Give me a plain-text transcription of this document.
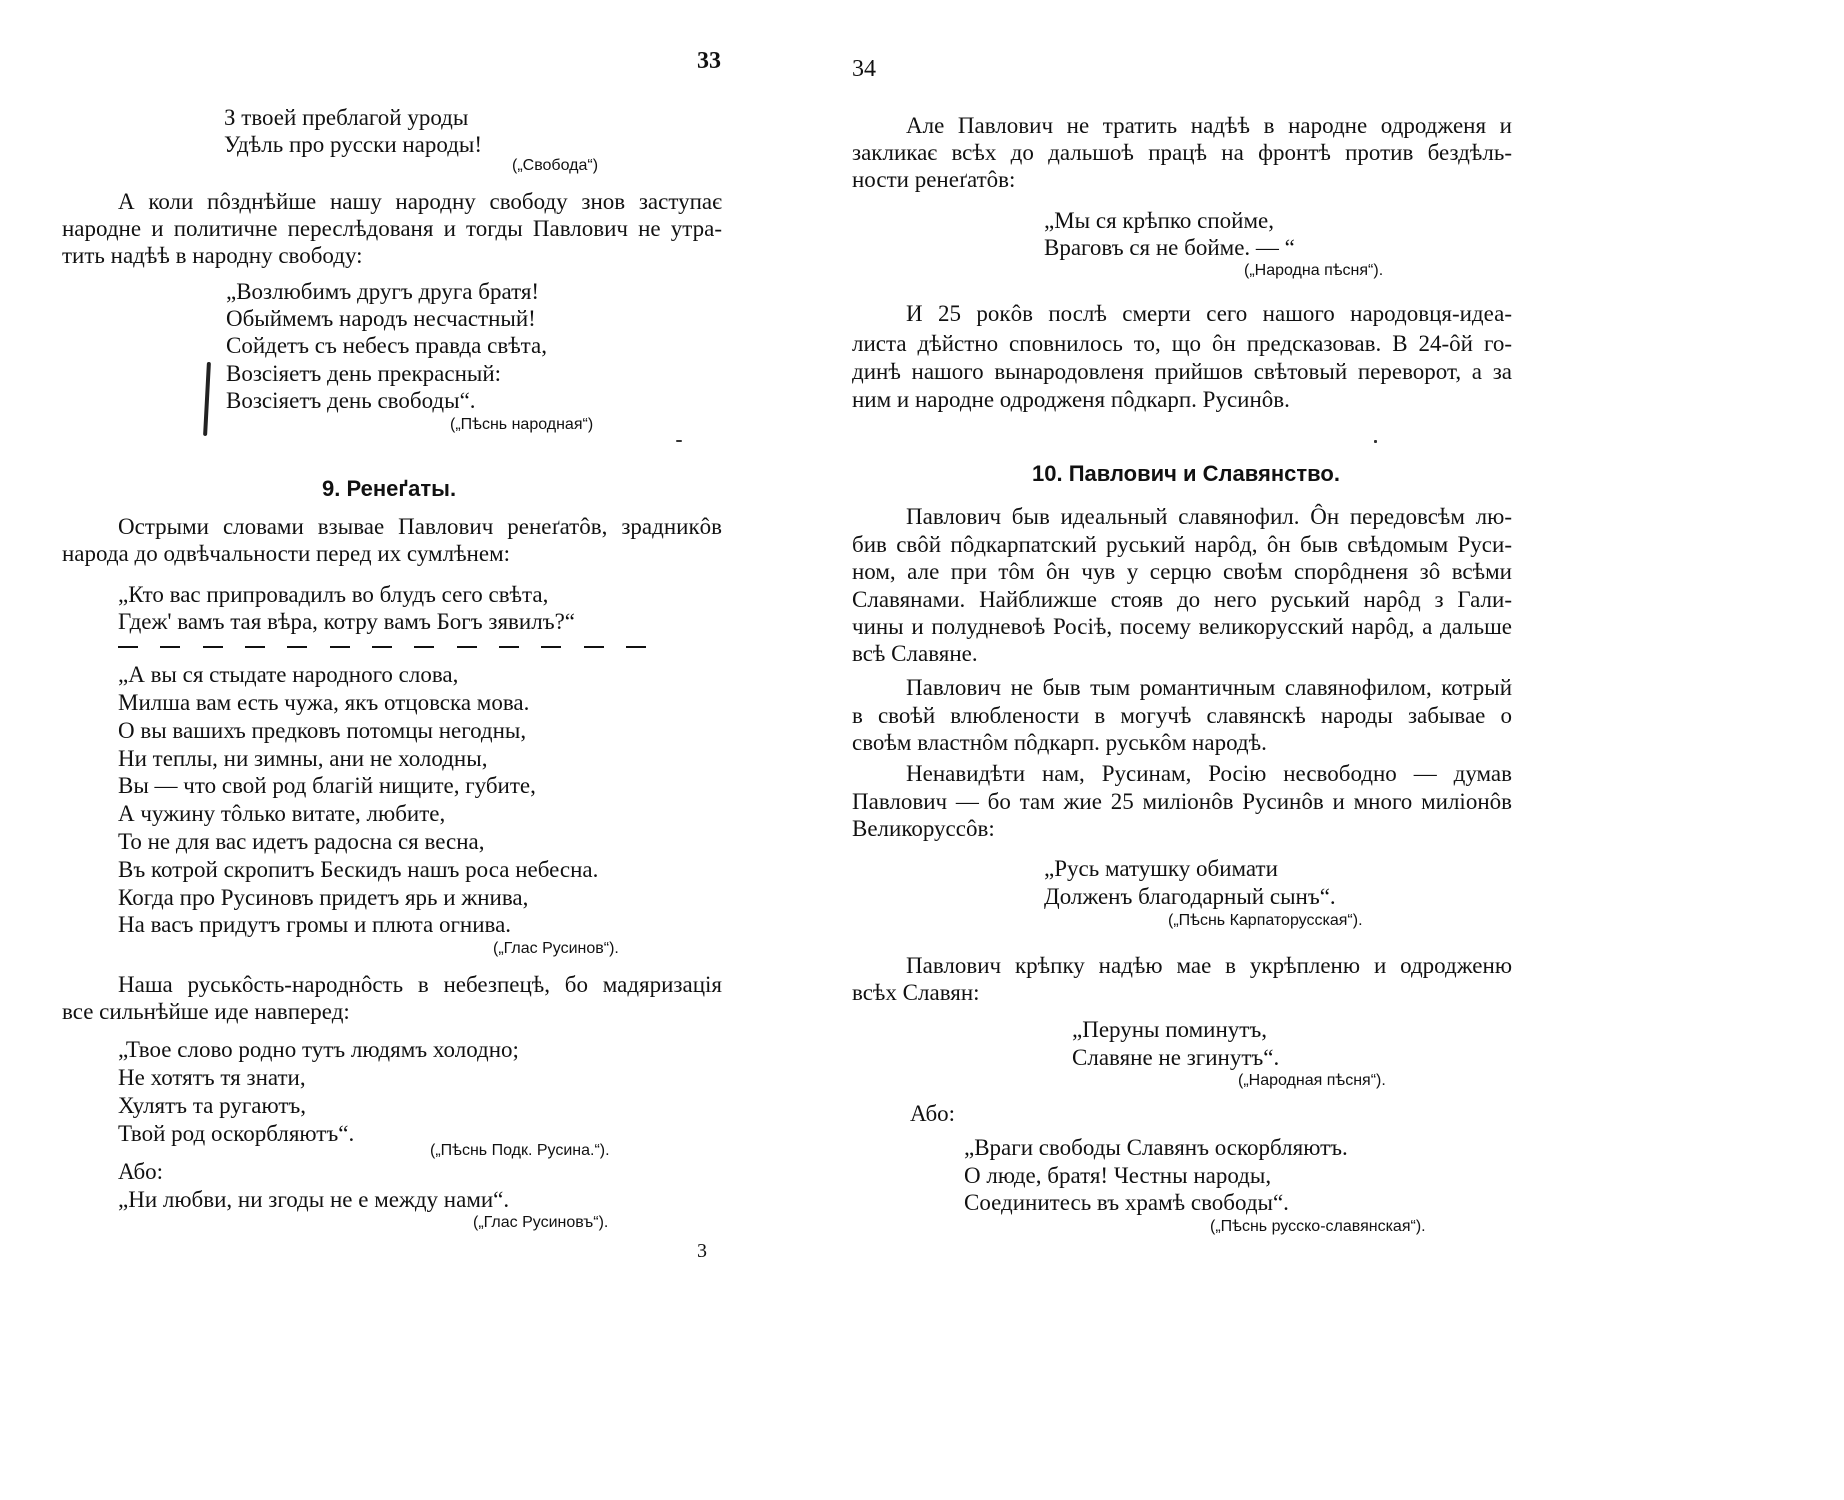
33
З твоей преблагой уроды
Удѣль про русски народы!
(„Свобода“)
А коли пôзднѣйше нашу народну свободу знов заступає
народне и политичне переслѣдованя и тогды Павлович не утра-
тить надѣѣ в народну свободу:
„Возлюбимъ другъ друга братя!
Обыймемъ народъ несчастный!
Сойдетъ съ небесъ правда свѣта,
Возсіяетъ день прекрасный:
Возсіяетъ день свободы“.
(„Пѣснь народная“)
9. Ренеґаты.
Острыми словами взывае Павлович ренеґатôв, зрадникôв
народа до одвѣчальности перед их сумлѣнем:
„Кто вас припровадилъ во блудъ сего свѣта,
Гдеж' вамъ тая вѣра, котру вамъ Богъ зявилъ?“
„А вы ся стыдате народного слова,
Милша вам есть чужа, якъ отцовска мова.
О вы вашихъ предковъ потомцы негодны,
Ни теплы, ни зимны, ани не холодны,
Вы — что свой род благій нищите, губите,
А чужину тôлько витате, любите,
То не для вас идетъ радосна ся весна,
Въ котрой скропитъ Бескидъ нашъ роса небесна.
Когда про Русиновъ придетъ ярь и жнива,
На васъ придутъ громы и плюта огнива.
(„Глас Русинов“).
Наша руськôсть-народнôсть в небезпецѣ, бо мадяризація
все сильнѣйше иде навперед:
„Твое слово родно тутъ людямъ холодно;
Не хотятъ тя знати,
Хулятъ та ругаютъ,
Твой род оскорбляютъ“.
(„Пѣснь Подк. Русина.“).
Або:
„Ни любви, ни згоды не е между нами“.
(„Глас Русиновъ“).
3
34
Але Павлович не тратить надѣѣ в народне одродженя и
закликає всѣх до дальшоѣ працѣ на фронтѣ против бездѣль-
ности ренеґатôв:
„Мы ся крѣпко спойме,
Враговъ ся не бойме. — “
(„Народна пѣсня“).
И 25 рокôв послѣ смерти сего нашого народовця-идеа-
листа дѣйстно сповнилось то, що ôн предсказовав. В 24-ôй го-
динѣ нашого вынародовленя прийшов свѣтовый переворот, а за
ним и народне одродженя пôдкарп. Русинôв.
10. Павлович и Славянство.
Павлович быв идеальный славянофил. Ôн передовсѣм лю-
бив свôй пôдкарпатский руський нарôд, ôн быв свѣдомым Руси-
ном, але при тôм ôн чув у серцю своѣм спорôдненя зô всѣми
Славянами. Найближше стояв до него руський нарôд з Гали-
чины и полудневоѣ Росіѣ, посему великорусский нарôд, а дальше
всѣ Славяне.
Павлович не быв тым романтичным славянофилом, котрый
в своѣй влюблености в могучѣ славянскѣ народы забывае о
своѣм властнôм пôдкарп. руськôм народѣ.
Ненавидѣти нам, Русинам, Росію несвободно — думав
Павлович — бо там жие 25 милiонôв Русинôв и много милiонôв
Великоруссôв:
„Русь матушку обимати
Долженъ благодарный сынъ“.
(„Пѣснь Карпаторусская“).
Павлович крѣпку надѣю мае в укрѣпленю и одродженю
всѣх Славян:
„Перуны поминутъ,
Славяне не згинутъ“.
(„Народная пѣсня“).
Або:
„Враги свободы Славянъ оскорбляютъ.
О люде, братя! Честны народы,
Соединитесь въ храмѣ свободы“.
(„Пѣснь русско-славянская“).
